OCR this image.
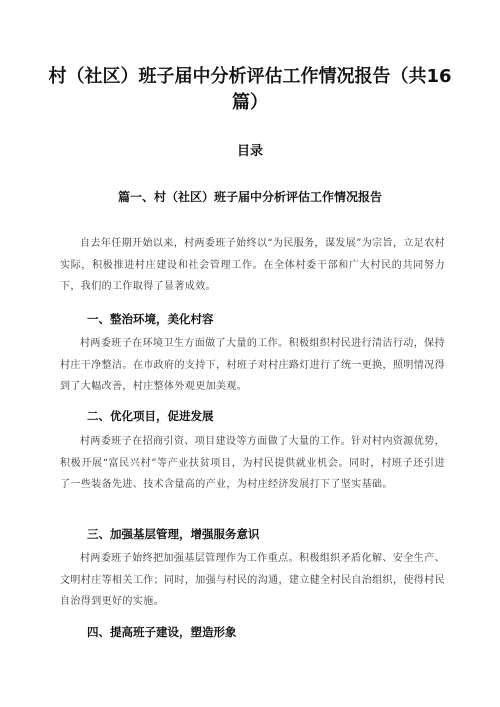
村（社区）班子届中分析评估工作情况报告（共16篇）
目录
篇一、村（社区）班子届中分析评估工作情况报告

自去年任期开始以来，村两委班子始终以“为民服务，谋发展”为宗旨，立足农村实际，积极推进村庄建设和社会管理工作。在全体村委干部和广大村民的共同努力下，我们的工作取得了显著成效。

一、整治环境，美化村容

村两委班子在环境卫生方面做了大量的工作。积极组织村民进行清洁行动，保持村庄干净整洁。在市政府的支持下，村班子对村庄路灯进行了统一更换，照明情况得到了大幅改善，村庄整体外观更加美观。

二、优化项目，促进发展

村两委班子在招商引资、项目建设等方面做了大量的工作。针对村内资源优势，积极开展“富民兴村”等产业扶贫项目，为村民提供就业机会。同时，村班子还引进了一些装备先进、技术含量高的产业，为村庄经济发展打下了坚实基础。

三、加强基层管理，增强服务意识

村两委班子始终把加强基层管理作为工作重点。积极组织矛盾化解、安全生产、文明村庄等相关工作；同时，加强与村民的沟通，建立健全村民自治组织，使得村民自治得到更好的实施。

四、提高班子建设，塑造形象
